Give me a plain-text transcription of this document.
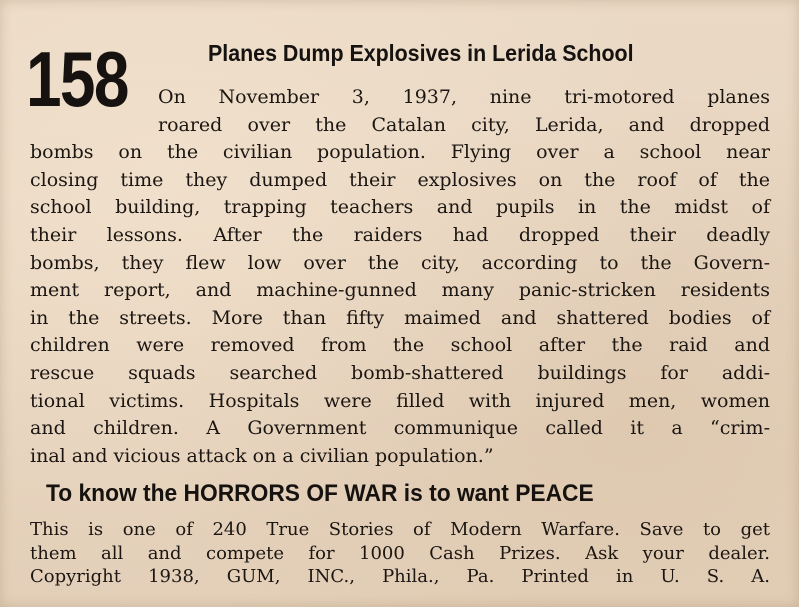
158	Planes Dump Explosives in Lerida School
On November 3, 1937, nine tri-motored planes
roared over the Catalan city, Lerida, and dropped
bombs on the civilian population. Flying over a school near
closing time they dumped their explosives on the roof of the
school building, trapping teachers and pupils in the midst of
their lessons. After the raiders had dropped their deadly
bombs, they flew low over the city, according to the Govern-
ment report, and machine-gunned many panic-stricken residents
in the streets. More than fifty maimed and shattered bodies of
children were removed from the school after the raid and
rescue squads searched bomb-shattered buildings for addi-
tional victims. Hospitals were filled with injured men, women
and children. A Government communique called it a “crim-
inal and vicious attack on a civilian population.”
To know the HORRORS OF WAR is to want PEACE
This is one of 240 True Stories of Modern Warfare. Save to get
them all and compete for 1000 Cash Prizes. Ask your dealer.
Copyright 1938, GUM, INC., Phila., Pa. Printed in U. S. A.
